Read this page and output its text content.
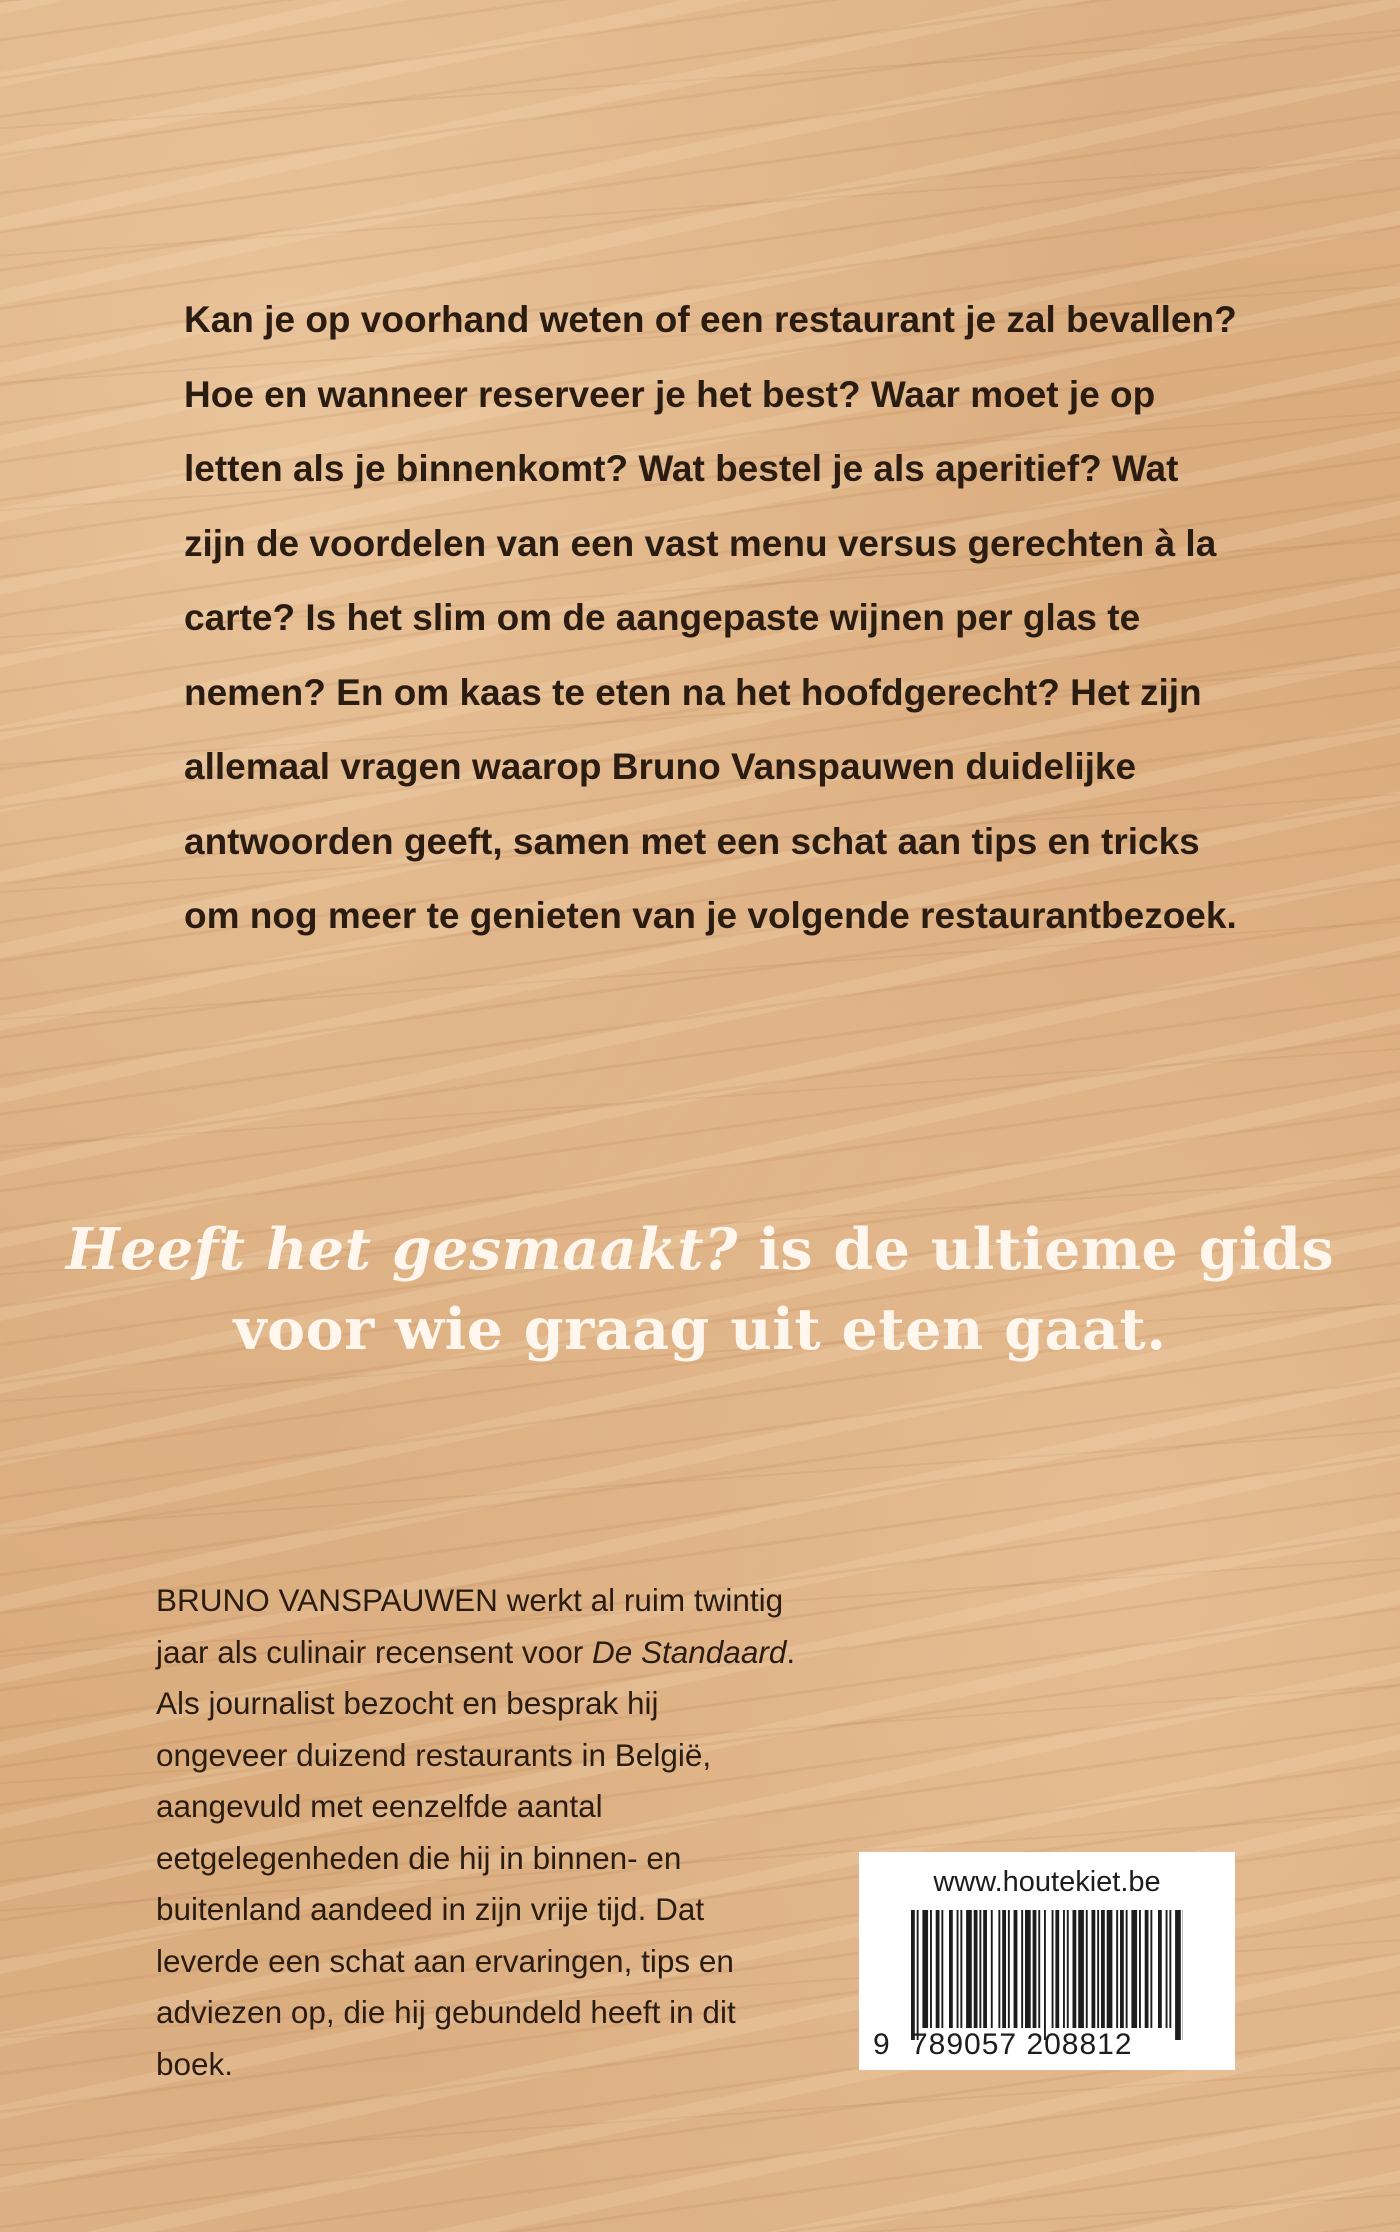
Kan je op voorhand weten of een restaurant je zal bevallen? Hoe en wanneer reserveer je het best? Waar moet je op letten als je binnenkomt? Wat bestel je als aperitief? Wat zijn de voordelen van een vast menu versus gerechten à la carte? Is het slim om de aangepaste wijnen per glas te nemen? En om kaas te eten na het hoofdgerecht? Het zijn allemaal vragen waarop Bruno Vanspauwen duidelijke antwoorden geeft, samen met een schat aan tips en tricks om nog meer te genieten van je volgende restaurantbezoek.

Heeft het gesmaakt? is de ultieme gids voor wie graag uit eten gaat.

BRUNO VANSPAUWEN werkt al ruim twintig jaar als culinair recensent voor De Standaard. Als journalist bezocht en besprak hij ongeveer duizend restaurants in België, aangevuld met eenzelfde aantal eetgelegenheden die hij in binnen- en buitenland aandeed in zijn vrije tijd. Dat leverde een schat aan ervaringen, tips en adviezen op, die hij gebundeld heeft in dit boek.

www.houtekiet.be
9 789057 208812
